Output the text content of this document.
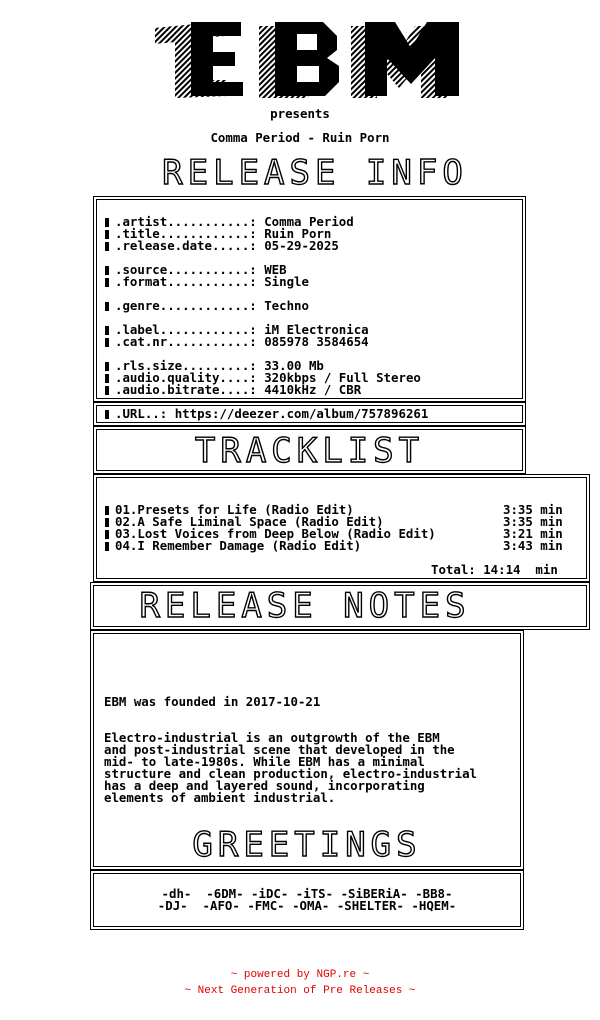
presents
Comma Period - Ruin Porn
RELEASE INFO
.artist...........: Comma Period
.title............: Ruin Porn
.release.date.....: 05-29-2025
.source...........: WEB
.format...........: Single
.genre............: Techno
.label............: iM Electronica
.cat.nr...........: 085978 3584654
.rls.size.........: 33.00 Mb
.audio.quality....: 320kbps / Full Stereo
.audio.bitrate....: 4410kHz / CBR
.URL..: https://deezer.com/album/757896261
TRACKLIST
01.Presets for Life (Radio Edit)	3:35 min
02.A Safe Liminal Space (Radio Edit)	3:35 min
03.Lost Voices from Deep Below (Radio Edit)	3:21 min
04.I Remember Damage (Radio Edit)	3:43 min
Total: 14:14  min
RELEASE NOTES
EBM was founded in 2017-10-21
Electro-industrial is an outgrowth of the EBM
and post-industrial scene that developed in the
mid- to late-1980s. While EBM has a minimal
structure and clean production, electro-industrial
has a deep and layered sound, incorporating
elements of ambient industrial.
GREETINGS
-dh-  -6DM- -iDC- -iTS- -SiBERiA- -BB8-
-DJ-  -AFO- -FMC- -OMA- -SHELTER- -HQEM-
~ powered by NGP.re ~
~ Next Generation of Pre Releases ~
